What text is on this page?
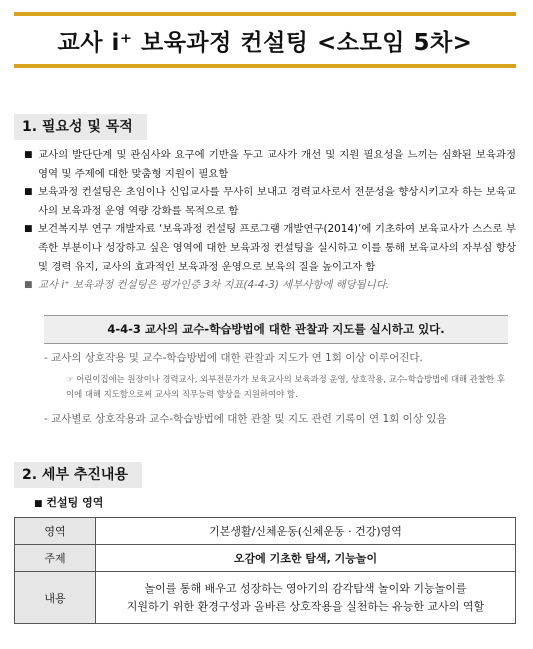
교사 i⁺ 보육과정 컨설팅 <소모임 5차>
1. 필요성 및 목적
■ 교사의 발단단계 및 관심사와 요구에 기반을 두고 교사가 개선 및 지원 필요성을 느끼는 심화된 보육과정 영역 및 주제에 대한 맞춤형 지원이 필요함
■ 보육과정 컨설팅은 초임이나 신입교사를 무사히 보내고 경력교사로서 전문성을 향상시키고자 하는 보육교사의 보육과정 운영 역량 강화를 목적으로 함
■ 보건복지부 연구 개발자료 ‘보육과정 컨설팅 프로그램 개발연구(2014)’에 기초하여 보육교사가 스스로 부족한 부분이나 성장하고 싶은 영역에 대한 보육과정 컨설팅을 실시하고 이를 통해 보육교사의 자부심 향상 및 경력 유지, 교사의 효과적인 보육과정 운영으로 보육의 질을 높이고자 함
■ 교사 i⁺ 보육과정 컨설팅은 평가인증 3차 지표(4-4-3) 세부사항에 해당됩니다.
4-4-3 교사의 교수-학습방법에 대한 관찰과 지도를 실시하고 있다.
- 교사의 상호작용 및 교수-학습방법에 대한 관찰과 지도가 연 1회 이상 이루어진다.
☞ 어린이집에는 원장이나 경력교사, 외부전문가가 보육교사의 보육과정 운영, 상호작용, 교수-학습방법에 대해 관찰한 후 이에 대해 지도함으로써 교사의 직무능력 향상을 지원하여야 함.
- 교사별로 상호작용과 교수-학습방법에 대한 관찰 및 지도 관련 기록이 연 1회 이상 있음
2. 세부 추진내용
■ 컨설팅 영역
영역	기본생활/신체운동(신체운동 · 건강)영역
주제	오감에 기초한 탐색, 기능놀이
내용	놀이를 통해 배우고 성장하는 영아기의 감각탐색 놀이와 기능놀이를
지원하기 위한 환경구성과 올바른 상호작용을 실천하는 유능한 교사의 역할
